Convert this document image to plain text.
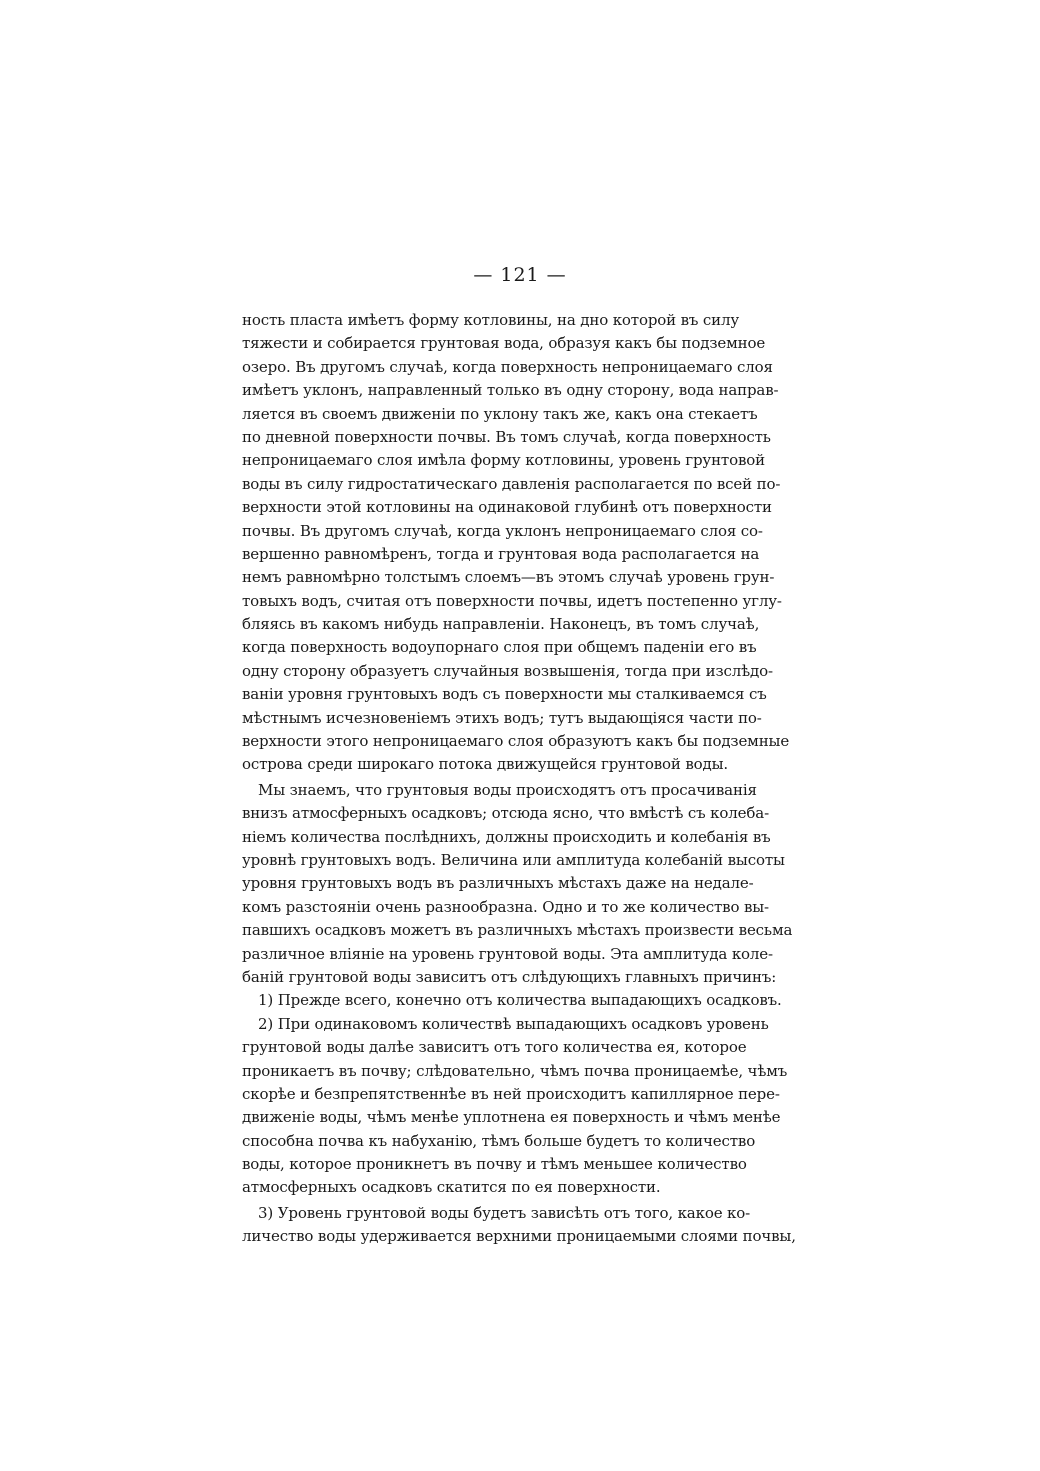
— 121 —
ность пласта имѣетъ форму котловины, на дно которой въ силу
тяжести и собирается грунтовая вода, образуя какъ бы подземное
озеро. Въ другомъ случаѣ, когда поверхность непроницаемаго слоя
имѣетъ уклонъ, направленный только въ одну сторону, вода направ-
ляется въ своемъ движеніи по уклону такъ же, какъ она стекаетъ
по дневной поверхности почвы. Въ томъ случаѣ, когда поверхность
непроницаемаго слоя имѣла форму котловины, уровень грунтовой
воды въ силу гидростатическаго давленія располагается по всей по-
верхности этой котловины на одинаковой глубинѣ отъ поверхности
почвы. Въ другомъ случаѣ, когда уклонъ непроницаемаго слоя со-
вершенно равномѣренъ, тогда и грунтовая вода располагается на
немъ равномѣрно толстымъ слоемъ—въ этомъ случаѣ уровень грун-
товыхъ водъ, считая отъ поверхности почвы, идетъ постепенно углу-
бляясь въ какомъ нибудь направленіи. Наконецъ, въ томъ случаѣ,
когда поверхность водоупорнаго слоя при общемъ паденіи его въ
одну сторону образуетъ случайныя возвышенія, тогда при изслѣдо-
ваніи уровня грунтовыхъ водъ съ поверхности мы сталкиваемся съ
мѣстнымъ исчезновеніемъ этихъ водъ; тутъ выдающіяся части по-
верхности этого непроницаемаго слоя образуютъ какъ бы подземные
острова среди широкаго потока движущейся грунтовой воды.
Мы знаемъ, что грунтовыя воды происходятъ отъ просачиванія
внизъ атмосферныхъ осадковъ; отсюда ясно, что вмѣстѣ съ колеба-
ніемъ количества послѣднихъ, должны происходить и колебанія въ
уровнѣ грунтовыхъ водъ. Величина или амплитуда колебаній высоты
уровня грунтовыхъ водъ въ различныхъ мѣстахъ даже на недале-
комъ разстояніи очень разнообразна. Одно и то же количество вы-
павшихъ осадковъ можетъ въ различныхъ мѣстахъ произвести весьма
различное вліяніе на уровень грунтовой воды. Эта амплитуда коле-
баній грунтовой воды зависитъ отъ слѣдующихъ главныхъ причинъ:
1) Прежде всего, конечно отъ количества выпадающихъ осадковъ.
2) При одинаковомъ количествѣ выпадающихъ осадковъ уровень
грунтовой воды далѣе зависитъ отъ того количества ея, которое
проникаетъ въ почву; слѣдовательно, чѣмъ почва проницаемѣе, чѣмъ
скорѣе и безпрепятственнѣе въ ней происходитъ капиллярное пере-
движеніе воды, чѣмъ менѣе уплотнена ея поверхность и чѣмъ менѣе
способна почва къ набуханію, тѣмъ больше будетъ то количество
воды, которое проникнетъ въ почву и тѣмъ меньшее количество
атмосферныхъ осадковъ скатится по ея поверхности.
3) Уровень грунтовой воды будетъ зависѣть отъ того, какое ко-
личество воды удерживается верхними проницаемыми слоями почвы,
